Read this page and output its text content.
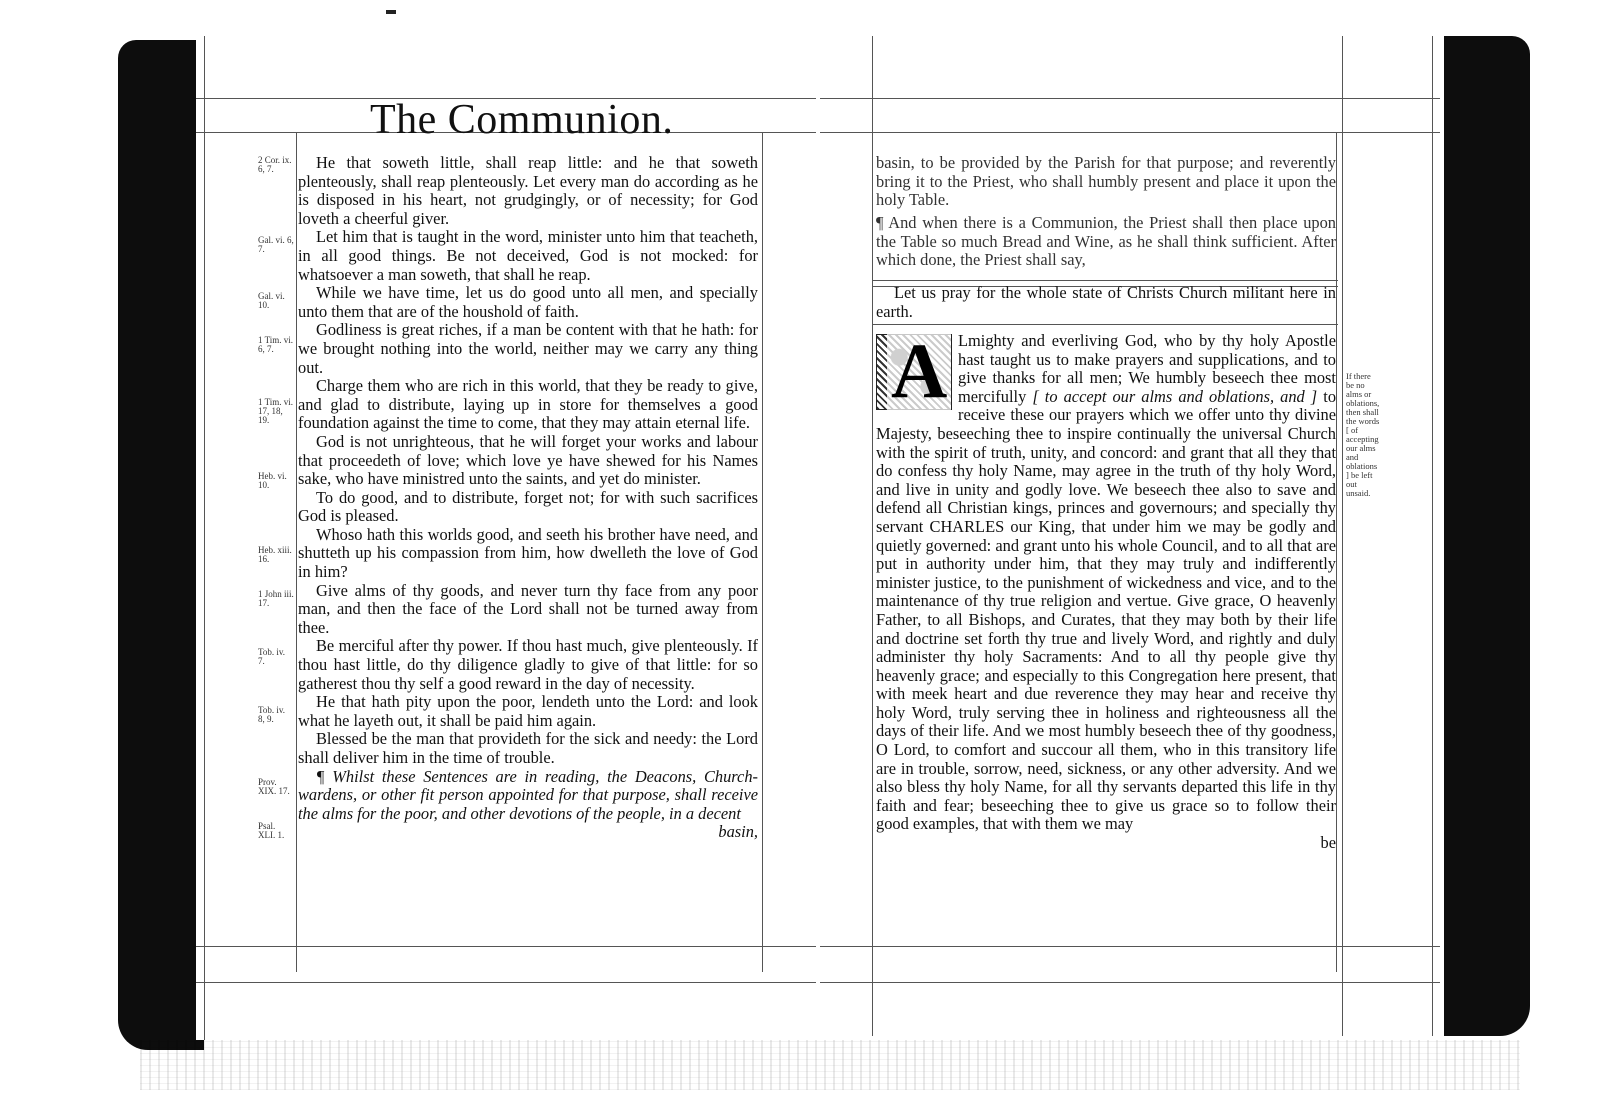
The Communion.
2 Cor. ix. 6, 7.
Gal. vi. 6, 7.
Gal. vi. 10.
1 Tim. vi. 6, 7.
1 Tim. vi. 17, 18, 19.
Heb. vi. 10.
Heb. xiii. 16.
1 John iii. 17.
Tob. iv. 7.
Tob. iv. 8, 9.
Prov. XIX. 17.
Psal. XLI. 1.

He that soweth little, shall reap little: and he that soweth plenteously, shall reap plenteously. Let every man do according as he is disposed in his heart, not grudgingly, or of necessity; for God loveth a cheerful giver.

Let him that is taught in the word, minister unto him that teacheth, in all good things. Be not deceived, God is not mocked: for whatsoever a man soweth, that shall he reap.

While we have time, let us do good unto all men, and specially unto them that are of the houshold of faith.

Godliness is great riches, if a man be content with that he hath: for we brought nothing into the world, neither may we carry any thing out.

Charge them who are rich in this world, that they be ready to give, and glad to distribute, laying up in store for themselves a good foundation against the time to come, that they may attain eternal life.

God is not unrighteous, that he will forget your works and labour that proceedeth of love; which love ye have shewed for his Names sake, who have ministred unto the saints, and yet do minister.

To do good, and to distribute, forget not; for with such sacrifices God is pleased.

Whoso hath this worlds good, and seeth his brother have need, and shutteth up his compassion from him, how dwelleth the love of God in him?

Give alms of thy goods, and never turn thy face from any poor man, and then the face of the Lord shall not be turned away from thee.

Be merciful after thy power. If thou hast much, give plenteously. If thou hast little, do thy diligence gladly to give of that little: for so gatherest thou thy self a good reward in the day of necessity.

He that hath pity upon the poor, lendeth unto the Lord: and look what he layeth out, it shall be paid him again.

Blessed be the man that provideth for the sick and needy: the Lord shall deliver him in the time of trouble.

¶ Whilst these Sentences are in reading, the Deacons, Church-wardens, or other fit person appointed for that purpose, shall receive the alms for the poor, and other devotions of the people, in a decent

basin,

basin, to be provided by the Parish for that purpose; and reverently bring it to the Priest, who shall humbly present and place it upon the holy Table.
¶ And when there is a Communion, the Priest shall then place upon the Table so much Bread and Wine, as he shall think sufficient. After which done, the Priest shall say,

Let us pray for the whole state of Christs Church militant here in earth.

A Lmighty and everliving God, who by thy holy Apostle hast taught us to make prayers and supplications, and to give thanks for all men; We humbly beseech thee most mercifully [ to accept our alms and oblations, and ] to receive these our prayers which we offer unto thy divine Majesty, beseeching thee to inspire continually the universal Church with the spirit of truth, unity, and concord: and grant that all they that do confess thy holy Name, may agree in the truth of thy holy Word, and live in unity and godly love. We beseech thee also to save and defend all Christian kings, princes and governours; and specially thy servant CHARLES our King, that under him we may be godly and quietly governed: and grant unto his whole Council, and to all that are put in authority under him, that they may truly and indifferently minister justice, to the punishment of wickedness and vice, and to the maintenance of thy true religion and vertue. Give grace, O heavenly Father, to all Bishops, and Curates, that they may both by their life and doctrine set forth thy true and lively Word, and rightly and duly administer thy holy Sacraments: And to all thy people give thy heavenly grace; and especially to this Congregation here present, that with meek heart and due reverence they may hear and receive thy holy Word, truly serving thee in holiness and righteousness all the days of their life. And we most humbly beseech thee of thy goodness, O Lord, to comfort and succour all them, who in this transitory life are in trouble, sorrow, need, sickness, or any other adversity. And we also bless thy holy Name, for all thy servants departed this life in thy faith and fear; beseeching thee to give us grace so to follow their good examples, that with them we may
be
If there be no alms or oblations, then shall the words [ of accepting our alms and oblations ] be left out unsaid.
